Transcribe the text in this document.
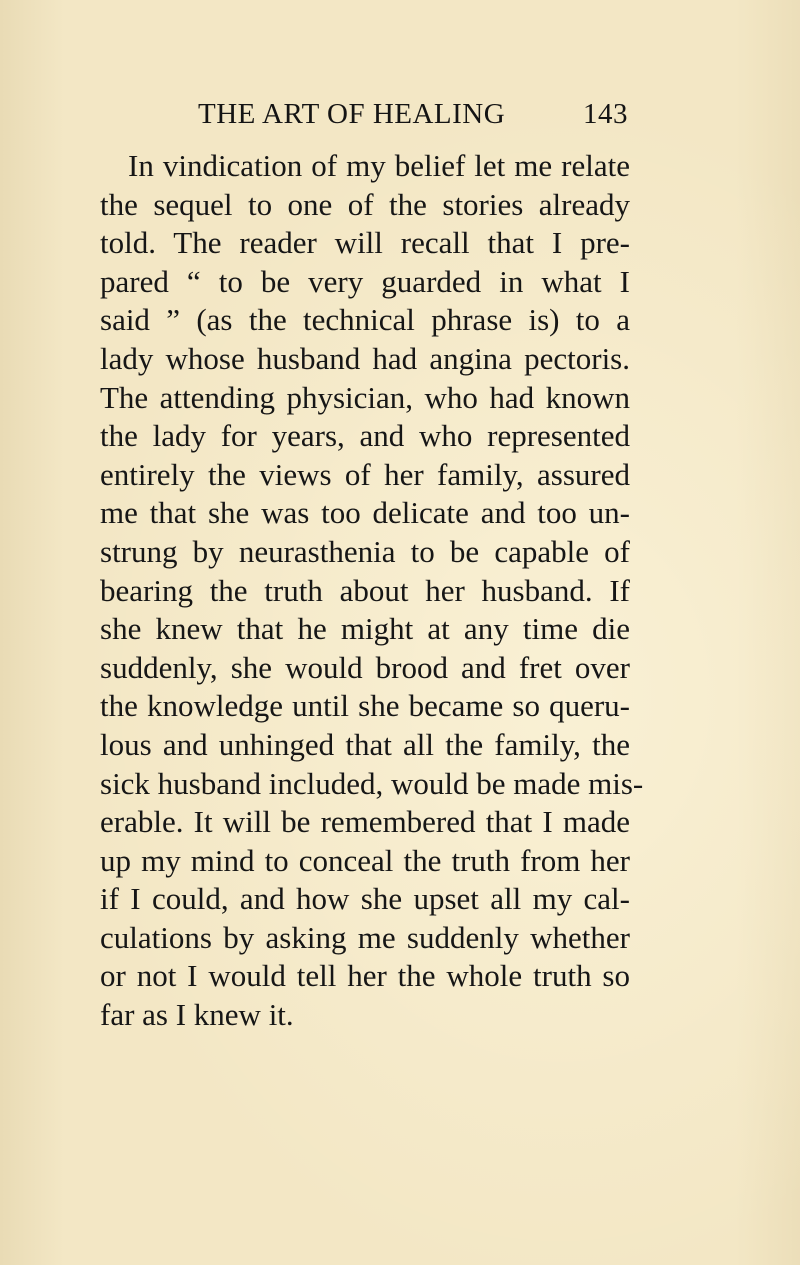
THE ART OF HEALING	143
In vindication of my belief let me relate
the sequel to one of the stories already
told. The reader will recall that I pre-
pared “ to be very guarded in what I
said ” (as the technical phrase is) to a
lady whose husband had angina pectoris.
The attending physician, who had known
the lady for years, and who represented
entirely the views of her family, assured
me that she was too delicate and too un-
strung by neurasthenia to be capable of
bearing the truth about her husband. If
she knew that he might at any time die
suddenly, she would brood and fret over
the knowledge until she became so queru-
lous and unhinged that all the family, the
sick husband included, would be made mis-
erable. It will be remembered that I made
up my mind to conceal the truth from her
if I could, and how she upset all my cal-
culations by asking me suddenly whether
or not I would tell her the whole truth so
far as I knew it.
